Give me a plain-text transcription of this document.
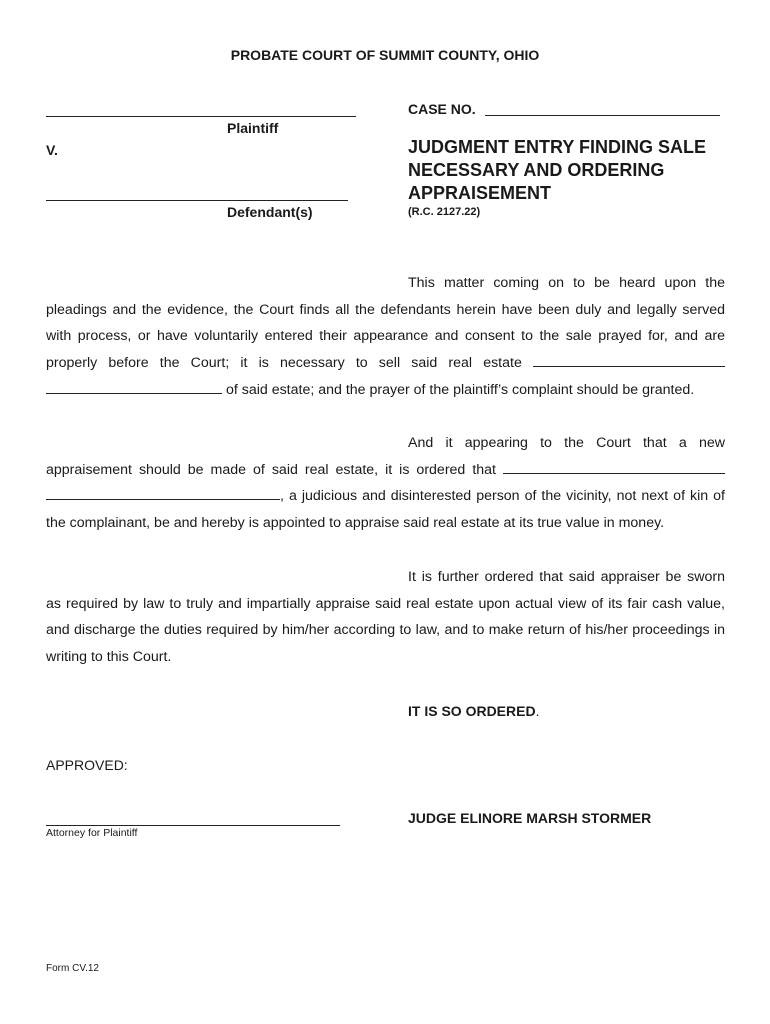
PROBATE COURT OF SUMMIT COUNTY, OHIO
Plaintiff
V.
Defendant(s)
CASE NO.
JUDGMENT ENTRY FINDING SALE
NECESSARY AND ORDERING
APPRAISEMENT
(R.C. 2127.22)
This matter coming on to be heard upon the pleadings and the evidence, the Court finds all the defendants herein have been duly and legally served with process, or have voluntarily entered their appearance and consent to the sale prayed for, and are properly before the Court; it is necessary to sell said real estate   of said estate; and the prayer of the plaintiff’s complaint should be granted.
And it appearing to the Court that a new appraisement should be made of said real estate, it is ordered that  , a judicious and disinterested person of the vicinity, not next of kin of the complainant, be and hereby is appointed to appraise said real estate at its true value in money.
It is further ordered that said appraiser be sworn as required by law to truly and impartially appraise said real estate upon actual view of its fair cash value, and discharge the duties required by him/her according to law, and to make return of his/her proceedings in writing to this Court.
IT IS SO ORDERED.
APPROVED:
Attorney for Plaintiff
JUDGE ELINORE MARSH STORMER
Form CV.12
